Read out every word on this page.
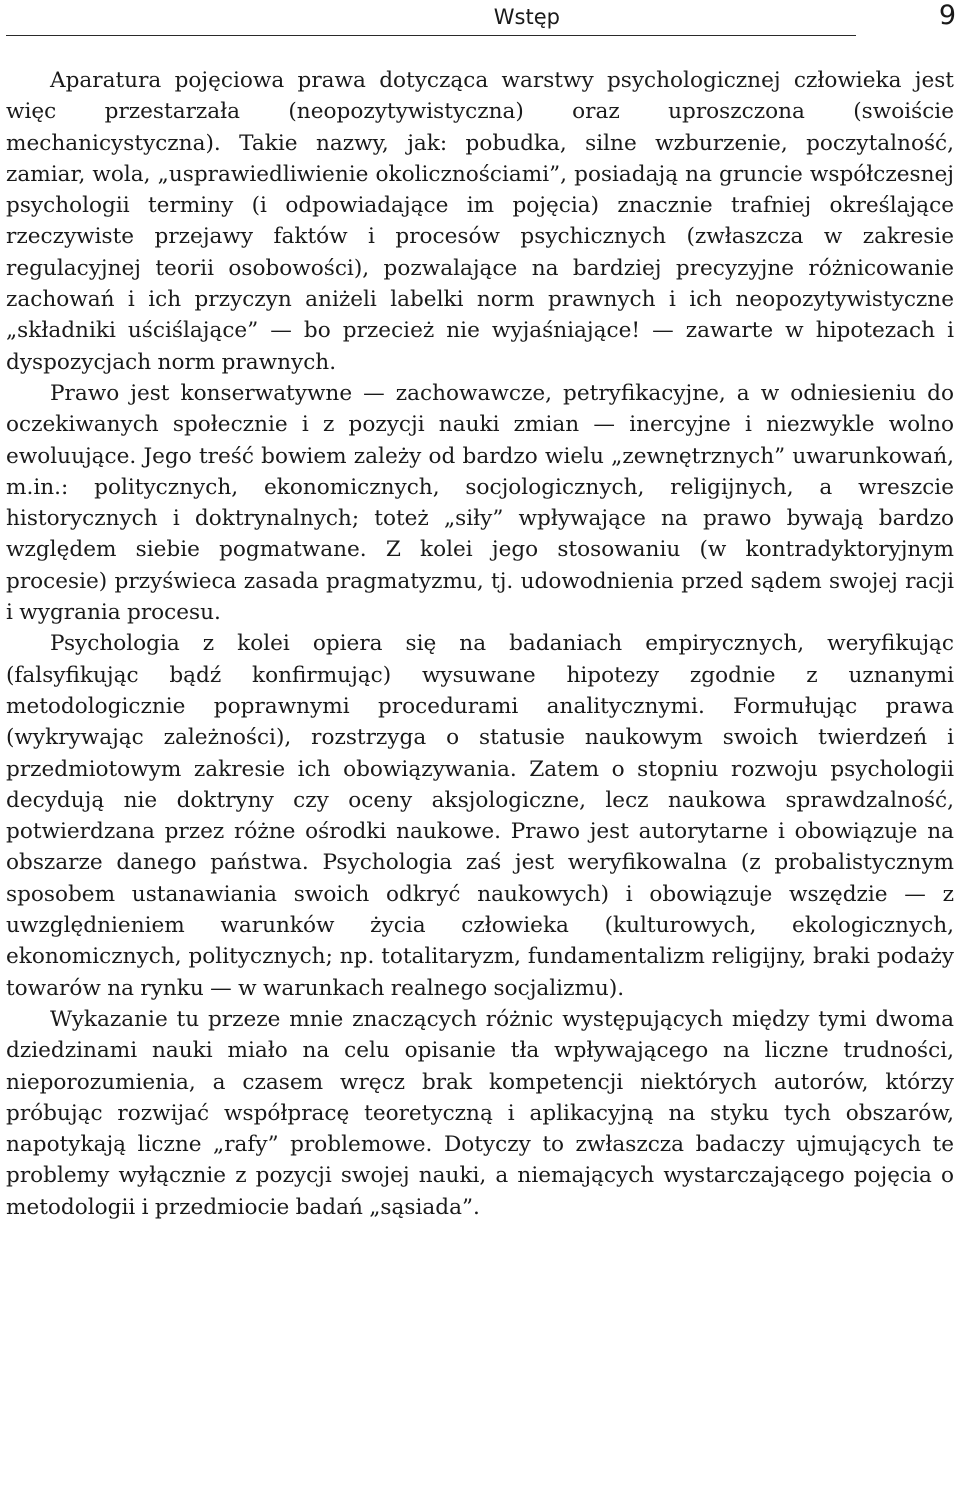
Wstęp	9

Aparatura pojęciowa prawa dotycząca warstwy psychologicznej człowieka jest więc przestarzała (neopozytywistyczna) oraz uproszczona (swoiście mechanicystyczna). Takie nazwy, jak: pobudka, silne wzburzenie, poczytalność, zamiar, wola, „usprawiedliwienie okolicznościami”, posiadają na gruncie współczesnej psychologii terminy (i odpowiadające im pojęcia) znacznie trafniej określające rzeczywiste przejawy faktów i procesów psychicznych (zwłaszcza w zakresie regulacyjnej teorii osobowości), pozwalające na bardziej precyzyjne różnicowanie zachowań i ich przyczyn aniżeli labelki norm prawnych i ich neopozytywistyczne „składniki uściślające” — bo przecież nie wyjaśniające! — zawarte w hipotezach i dyspozycjach norm prawnych.

Prawo jest konserwatywne — zachowawcze, petryfikacyjne, a w odniesieniu do oczekiwanych społecznie i z pozycji nauki zmian — inercyjne i niezwykle wolno ewoluujące. Jego treść bowiem zależy od bardzo wielu „zewnętrznych” uwarunkowań, m.in.: politycznych, ekonomicznych, socjologicznych, religijnych, a wreszcie historycznych i doktrynalnych; toteż „siły” wpływające na prawo bywają bardzo względem siebie pogmatwane. Z kolei jego stosowaniu (w kontradyktoryjnym procesie) przyświeca zasada pragmatyzmu, tj. udowodnienia przed sądem swojej racji i wygrania procesu.

Psychologia z kolei opiera się na badaniach empirycznych, weryfikując (falsyfikując bądź konfirmując) wysuwane hipotezy zgodnie z uznanymi metodologicznie poprawnymi procedurami analitycznymi. Formułując prawa (wykrywając zależności), rozstrzyga o statusie naukowym swoich twierdzeń i przedmiotowym zakresie ich obowiązywania. Zatem o stopniu rozwoju psychologii decydują nie doktryny czy oceny aksjologiczne, lecz naukowa sprawdzalność, potwierdzana przez różne ośrodki naukowe. Prawo jest autorytarne i obowiązuje na obszarze danego państwa. Psychologia zaś jest weryfikowalna (z probalistycznym sposobem ustanawiania swoich odkryć naukowych) i obowiązuje wszędzie — z uwzględnieniem warunków życia człowieka (kulturowych, ekologicznych, ekonomicznych, politycznych; np. totalitaryzm, fundamentalizm religijny, braki podaży towarów na rynku — w warunkach realnego socjalizmu).

Wykazanie tu przeze mnie znaczących różnic występujących między tymi dwoma dziedzinami nauki miało na celu opisanie tła wpływającego na liczne trudności, nieporozumienia, a czasem wręcz brak kompetencji niektórych autorów, którzy próbując rozwijać współpracę teoretyczną i aplikacyjną na styku tych obszarów, napotykają liczne „rafy” problemowe. Dotyczy to zwłaszcza badaczy ujmujących te problemy wyłącznie z pozycji swojej nauki, a niemających wystarczającego pojęcia o metodologii i przedmiocie badań „sąsiada”.
